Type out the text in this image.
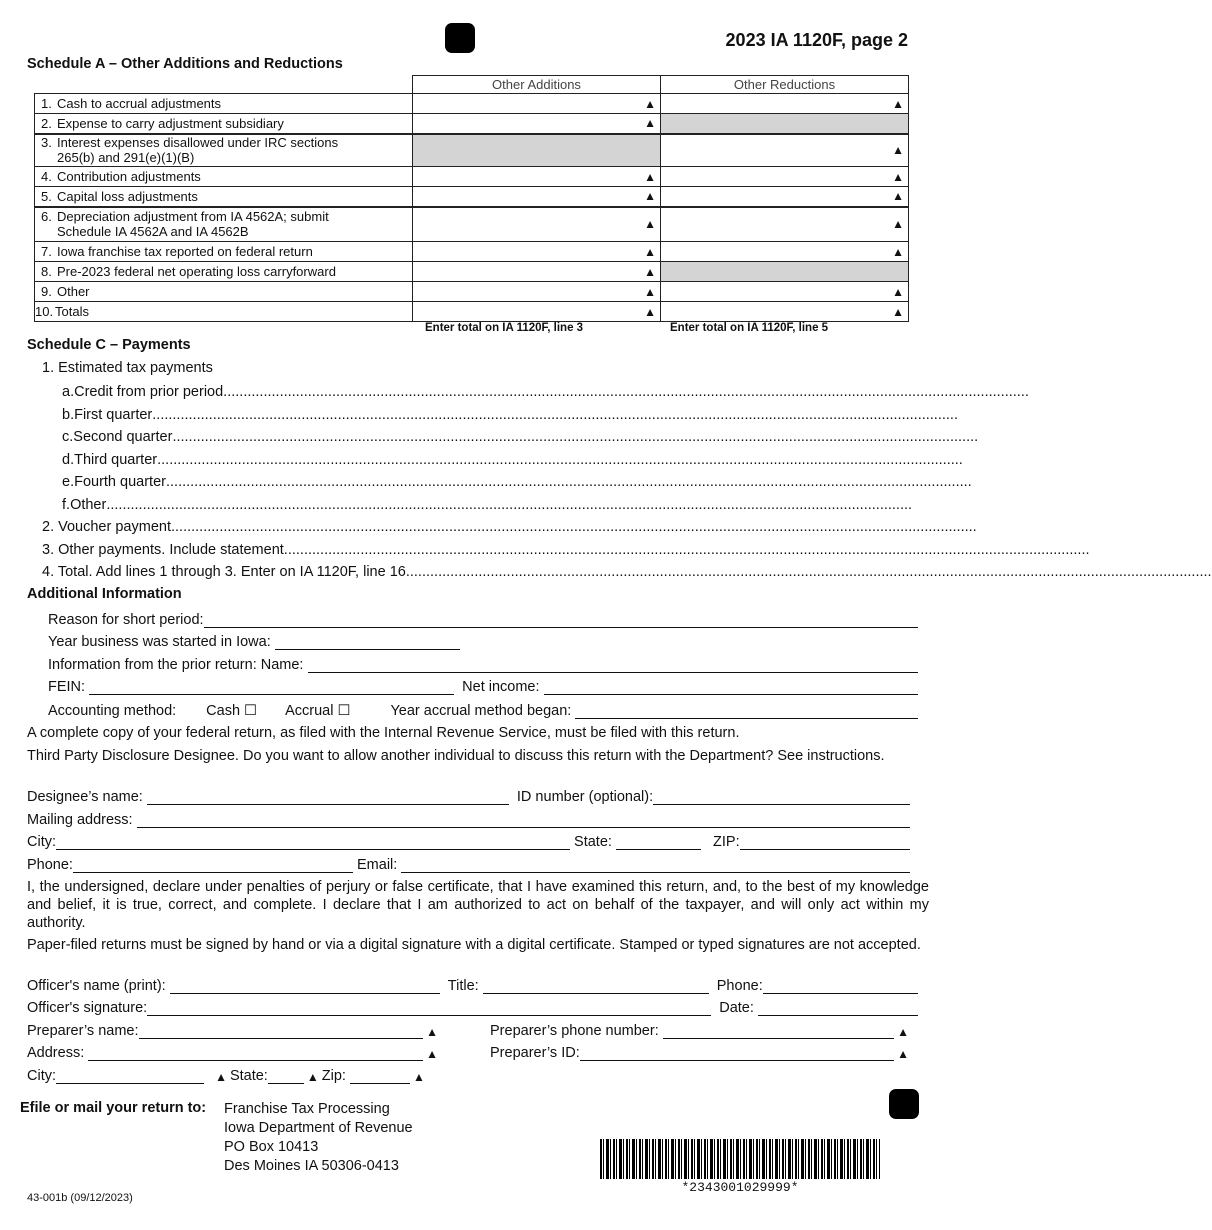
2023 IA 1120F, page 2
Schedule A – Other Additions and Reductions
	Other Additions	Other Reductions
1. Cash to accrual adjustments	▲	▲
2. Expense to carry adjustment subsidiary	▲	
3. Interest expenses disallowed under IRC sections
265(b) and 291(e)(1)(B)		▲
4. Contribution adjustments	▲	▲
5. Capital loss adjustments	▲	▲
6. Depreciation adjustment from IA 4562A; submit
Schedule IA 4562A and IA 4562B	▲	▲
7. Iowa franchise tax reported on federal return	▲	▲
8. Pre-2023 federal net operating loss carryforward	▲	
9. Other	▲	▲
10. Totals	▲	▲
Enter total on IA 1120F, line 3	Enter total on IA 1120F, line 5
Schedule C – Payments
1. Estimated tax payments
a. Credit from prior period ........................................................................................................................................................................................................
b. First quarter ........................................................................................................................................................................................................
c. Second quarter ........................................................................................................................................................................................................
d. Third quarter ........................................................................................................................................................................................................
e. Fourth quarter ........................................................................................................................................................................................................
f. Other ........................................................................................................................................................................................................
2. Voucher payment ........................................................................................................................................................................................................
3. Other payments. Include statement ........................................................................................................................................................................................................
4. Total. Add lines 1 through 3. Enter on IA 1120F, line 16 ........................................................................................................................................................................................................
Additional Information
Reason for short period:
Year business was started in Iowa:

Information from the prior return: Name:

FEIN:

	Net income:

Accounting method: Cash ☐ Accrual ☐	Year accrual method began:

A complete copy of your federal return, as filed with the Internal Revenue Service, must be filed with this return.
Third Party Disclosure Designee. Do you want to allow another individual to discuss this return with the Department? See instructions.
Designee’s name:

	ID number (optional):
Mailing address:

City:
	State:

	ZIP:
Phone:
	Email:

I, the undersigned, declare under penalties of perjury or false certificate, that I have examined this return, and, to the best of my knowledge and belief, it is true, correct, and complete. I declare that I am authorized to act on behalf of the taxpayer, and will only act within my authority.
Paper-filed returns must be signed by hand or via a digital signature with a digital certificate. Stamped or typed signatures are not accepted.
Officer's name (print):

	Title:

	Phone:
Officer's signature:
	Date:

Preparer’s name:	▲	Preparer’s phone number:
	▲
Address:
	▲	Preparer’s ID:	▲
City:
	▲ State:	▲ Zip:
	▲
Efile or mail your return to: Franchise Tax Processing
Iowa Department of Revenue
PO Box 10413
Des Moines IA 50306-0413
*2343001029999*
43-001b (09/12/2023)
